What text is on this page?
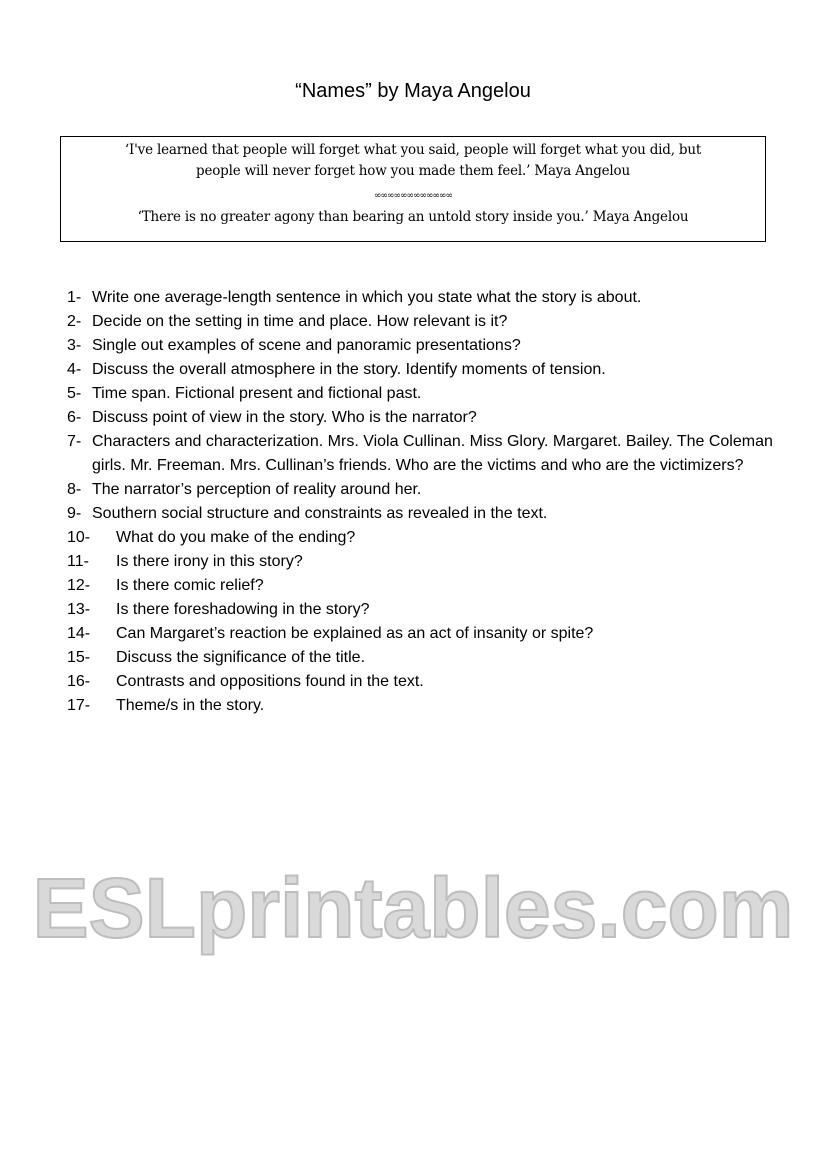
“Names” by Maya Angelou
‘I've learned that people will forget what you said, people will forget what you did, but
people will never forget how you made them feel.’ Maya Angelou
∞∞∞∞∞∞∞∞∞∞∞∞
‘There is no greater agony than bearing an untold story inside you.’ Maya Angelou
1- Write one average-length sentence in which you state what the story is about.
2- Decide on the setting in time and place. How relevant is it?
3- Single out examples of scene and panoramic presentations?
4- Discuss the overall atmosphere in the story. Identify moments of tension.
5- Time span. Fictional present and fictional past.
6- Discuss point of view in the story. Who is the narrator?
7- Characters and characterization. Mrs. Viola Cullinan. Miss Glory. Margaret. Bailey. The Coleman girls. Mr. Freeman. Mrs. Cullinan’s friends. Who are the victims and who are the victimizers?
8- The narrator’s perception of reality around her.
9- Southern social structure and constraints as revealed in the text.
10-	What do you make of the ending?
11-	Is there irony in this story?
12-	Is there comic relief?
13-	Is there foreshadowing in the story?
14-	Can Margaret’s reaction be explained as an act of insanity or spite?
15-	Discuss the significance of the title.
16-	Contrasts and oppositions found in the text.
17-	Theme/s in the story.
ESLprintables.com
